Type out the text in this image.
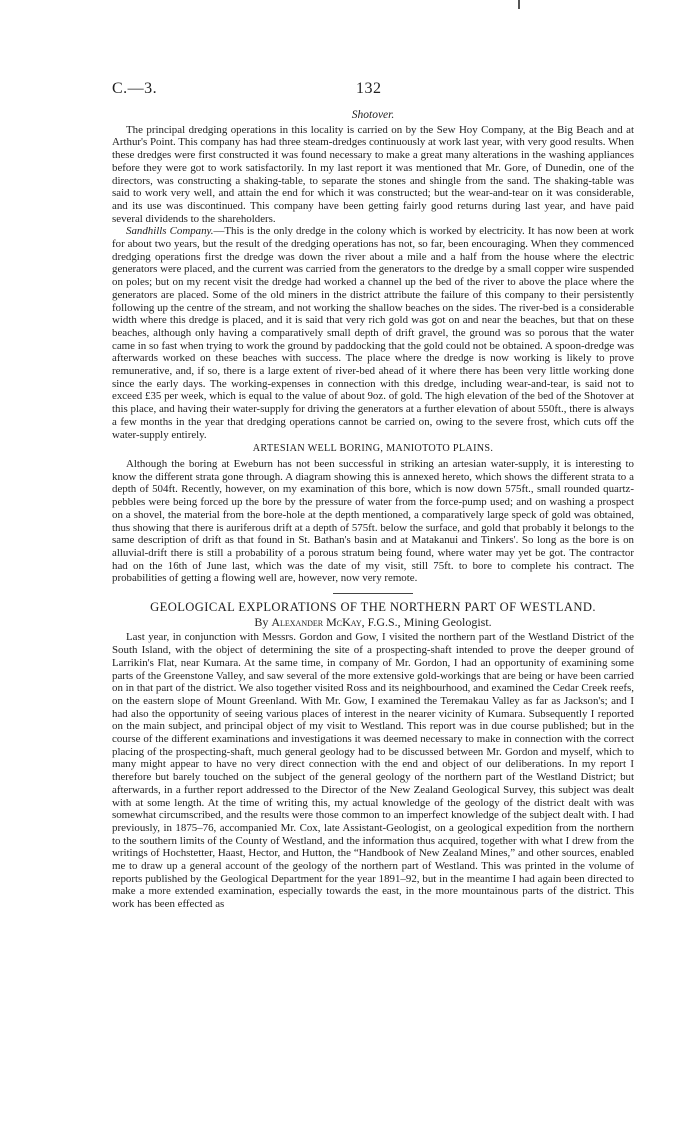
C.—3.	132
Shotover.

The principal dredging operations in this locality is carried on by the Sew Hoy Company, at the Big Beach and at Arthur's Point. This company has had three steam-dredges continuously at work last year, with very good results. When these dredges were first constructed it was found necessary to make a great many alterations in the washing appliances before they were got to work satisfactorily. In my last report it was mentioned that Mr. Gore, of Dunedin, one of the directors, was constructing a shaking-table, to separate the stones and shingle from the sand. The shaking-table was said to work very well, and attain the end for which it was constructed; but the wear-and-tear on it was considerable, and its use was discontinued. This company have been getting fairly good returns during last year, and have paid several dividends to the shareholders.

Sandhills Company.—This is the only dredge in the colony which is worked by electricity. It has now been at work for about two years, but the result of the dredging operations has not, so far, been encouraging. When they commenced dredging operations first the dredge was down the river about a mile and a half from the house where the electric generators were placed, and the current was carried from the generators to the dredge by a small copper wire suspended on poles; but on my recent visit the dredge had worked a channel up the bed of the river to above the place where the generators are placed. Some of the old miners in the district attribute the failure of this company to their persistently following up the centre of the stream, and not working the shallow beaches on the sides. The river-bed is a considerable width where this dredge is placed, and it is said that very rich gold was got on and near the beaches, but that on these beaches, although only having a comparatively small depth of drift gravel, the ground was so porous that the water came in so fast when trying to work the ground by paddocking that the gold could not be obtained. A spoon-dredge was afterwards worked on these beaches with success. The place where the dredge is now working is likely to prove remunerative, and, if so, there is a large extent of river-bed ahead of it where there has been very little working done since the early days. The working-expenses in connection with this dredge, including wear-and-tear, is said not to exceed £35 per week, which is equal to the value of about 9oz. of gold. The high elevation of the bed of the Shotover at this place, and having their water-supply for driving the generators at a further elevation of about 550ft., there is always a few months in the year that dredging operations cannot be carried on, owing to the severe frost, which cuts off the water-supply entirely.

ARTESIAN WELL BORING, MANIOTOTO PLAINS.

Although the boring at Eweburn has not been successful in striking an artesian water-supply, it is interesting to know the different strata gone through. A diagram showing this is annexed hereto, which shows the different strata to a depth of 504ft. Recently, however, on my examination of this bore, which is now down 575ft., small rounded quartz-pebbles were being forced up the bore by the pressure of water from the force-pump used; and on washing a prospect on a shovel, the material from the bore-hole at the depth mentioned, a comparatively large speck of gold was obtained, thus showing that there is auriferous drift at a depth of 575ft. below the surface, and gold that probably it belongs to the same description of drift as that found in St. Bathan's basin and at Matakanui and Tinkers'. So long as the bore is on alluvial-drift there is still a probability of a porous stratum being found, where water may yet be got. The contractor had on the 16th of June last, which was the date of my visit, still 75ft. to bore to complete his contract. The probabilities of getting a flowing well are, however, now very remote.

GEOLOGICAL EXPLORATIONS OF THE NORTHERN PART OF WESTLAND.
By Alexander McKay, F.G.S., Mining Geologist.

Last year, in conjunction with Messrs. Gordon and Gow, I visited the northern part of the Westland District of the South Island, with the object of determining the site of a prospecting-shaft intended to prove the deeper ground of Larrikin's Flat, near Kumara. At the same time, in company of Mr. Gordon, I had an opportunity of examining some parts of the Greenstone Valley, and saw several of the more extensive gold-workings that are being or have been carried on in that part of the district. We also together visited Ross and its neighbourhood, and examined the Cedar Creek reefs, on the eastern slope of Mount Greenland. With Mr. Gow, I examined the Teremakau Valley as far as Jackson's; and I had also the opportunity of seeing various places of interest in the nearer vicinity of Kumara. Subsequently I reported on the main subject, and principal object of my visit to Westland. This report was in due course published; but in the course of the different examinations and investigations it was deemed necessary to make in connection with the correct placing of the prospecting-shaft, much general geology had to be discussed between Mr. Gordon and myself, which to many might appear to have no very direct connection with the end and object of our deliberations. In my report I therefore but barely touched on the subject of the general geology of the northern part of the Westland District; but afterwards, in a further report addressed to the Director of the New Zealand Geological Survey, this subject was dealt with at some length. At the time of writing this, my actual knowledge of the geology of the district dealt with was somewhat circumscribed, and the results were those common to an imperfect knowledge of the subject dealt with. I had previously, in 1875–76, accompanied Mr. Cox, late Assistant-Geologist, on a geological expedition from the northern to the southern limits of the County of Westland, and the information thus acquired, together with what I drew from the writings of Hochstetter, Haast, Hector, and Hutton, the “Handbook of New Zealand Mines,” and other sources, enabled me to draw up a general account of the geology of the northern part of Westland. This was printed in the volume of reports published by the Geological Department for the year 1891–92, but in the meantime I had again been directed to make a more extended examination, especially towards the east, in the more mountainous parts of the district. This work has been effected as
